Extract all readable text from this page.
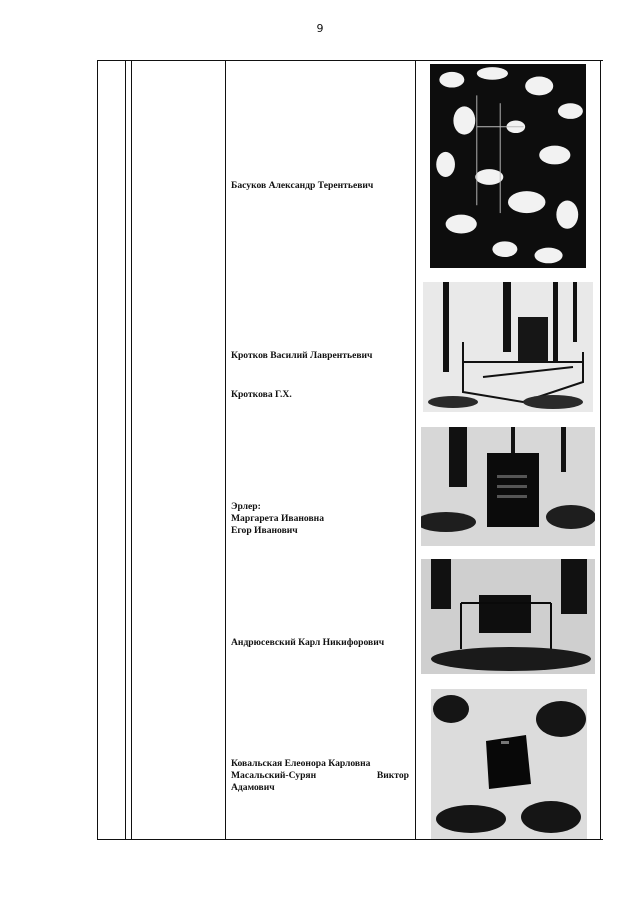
9
Басуков Александр Терентьевич
Кротков Василий Лаврентьевич
Кроткова Г.Х.
Эрлер:
Маргарета Ивановна
Егор Иванович
Андрюсевский Карл Никифорович
Ковальская Елеонора Карловна
Масальский-Сурян	Виктор
Адамович
